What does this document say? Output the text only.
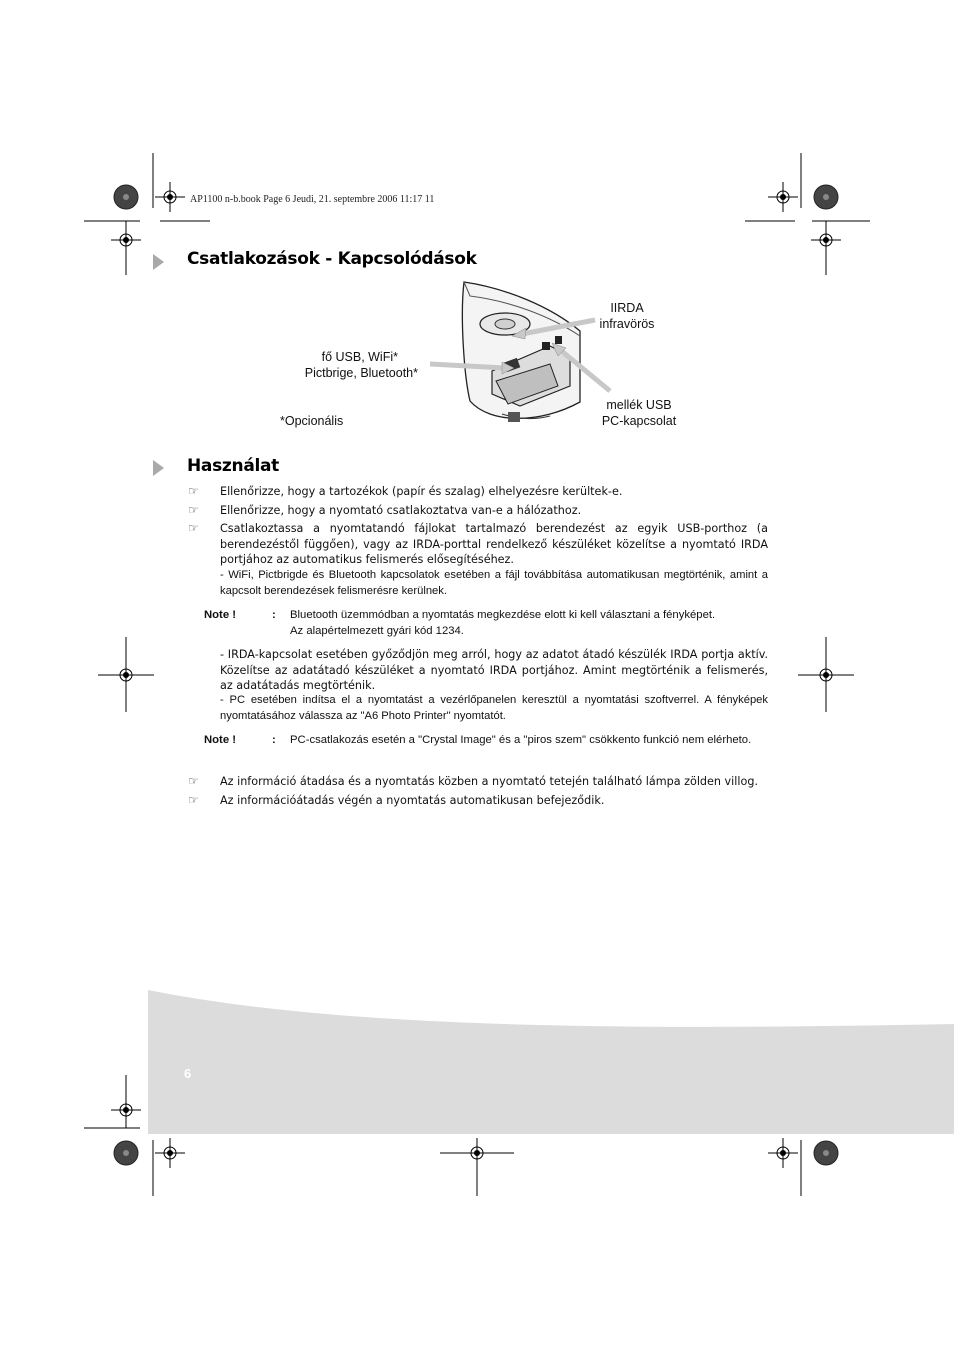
AP1100 n-b.book Page 6 Jeudi, 21. septembre 2006 11:17 11
Csatlakozások - Kapcsolódások
IIRDA
infravörös
fő USB, WiFi*
Pictbrige, Bluetooth*
mellék USB
PC-kapcsolat
*Opcionális
Használat
☞ Ellenőrizze, hogy a tartozékok (papír és szalag) elhelyezésre kerültek-e.
☞ Ellenőrizze, hogy a nyomtató csatlakoztatva van-e a hálózathoz.
☞ Csatlakoztassa a nyomtatandó fájlokat tartalmazó berendezést az egyik USB-porthoz (a berendezéstől függően), vagy az IRDA-porttal rendelkező készüléket közelítse a nyomtató IRDA portjához az automatikus felismerés elősegítéséhez.
- WiFi, Pictbrigde és Bluetooth kapcsolatok esetében a fájl továbbítása automatikusan megtörténik, amint a kapcsolt berendezések felismerésre kerülnek.
Note !	: Bluetooth üzemmódban a nyomtatás megkezdése elott ki kell választani a fényképet.
Az alapértelmezett gyári kód 1234.
- IRDA-kapcsolat esetében győződjön meg arról, hogy az adatot átadó készülék IRDA portja aktív. Közelítse az adatátadó készüléket a nyomtató IRDA portjához. Amint megtörténik a felismerés, az adatátadás megtörténik.
- PC esetében indítsa el a nyomtatást a vezérlőpanelen keresztül a nyomtatási szoftverrel. A fényképek nyomtatásához válassza az "A6 Photo Printer" nyomtatót.
Note !	: PC-csatlakozás esetén a "Crystal Image" és a "piros szem" csökkento funkció nem elérheto.
☞ Az információ átadása és a nyomtatás közben a nyomtató tetején található lámpa zölden villog.
☞ Az információátadás végén a nyomtatás automatikusan befejeződik.
6
